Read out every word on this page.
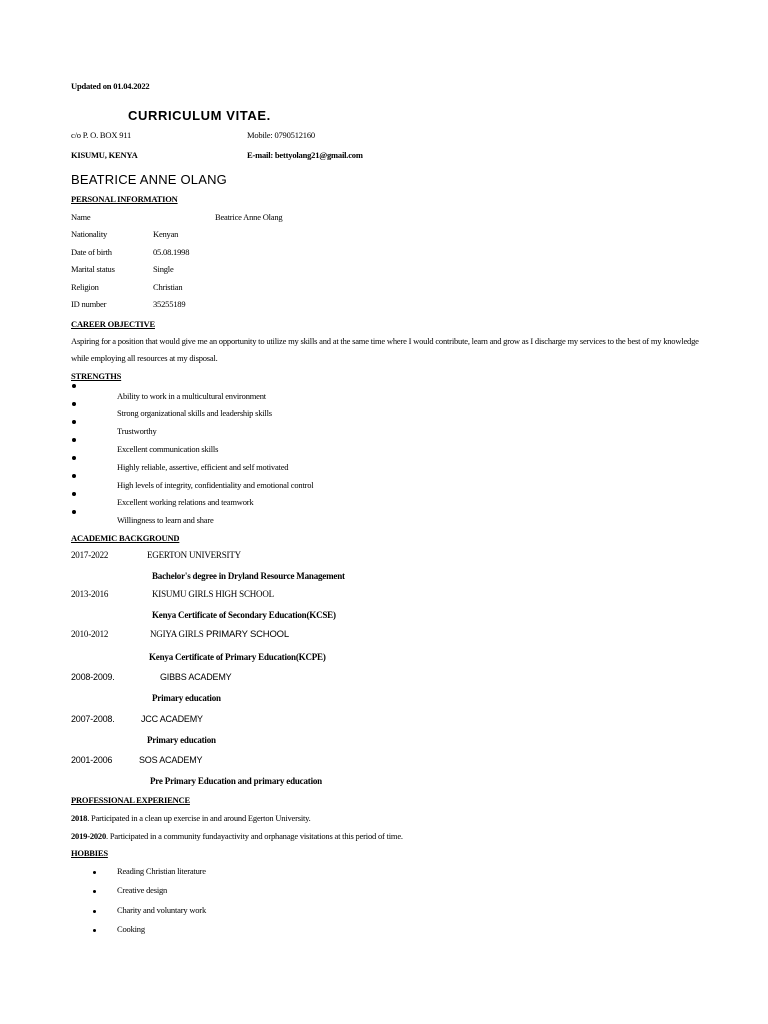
Updated on 01.04.2022
CURRICULUM VITAE.
c/o P. O. BOX 911	Mobile: 0790512160
KISUMU, KENYA	E-mail: bettyolang21@gmail.com
BEATRICE ANNE OLANG
PERSONAL INFORMATION
Name	Beatrice Anne Olang
Nationality	Kenyan
Date of birth	05.08.1998
Marital status	Single
Religion	Christian
ID number	35255189
CAREER OBJECTIVE
Aspiring for a position that would give me an opportunity to utilize my skills and at the same time where I would contribute, learn and grow as I discharge my services to the best of my knowledge while employing all resources at my disposal.
STRENGTHS
Ability to work in a multicultural environment
Strong organizational skills and leadership skills
Trustworthy
Excellent communication skills
Highly reliable, assertive, efficient and self motivated
High levels of integrity, confidentiality and emotional control
Excellent working relations and teamwork
Willingness to learn and share
ACADEMIC BACKGROUND
2017-2022	EGERTON UNIVERSITY
Bachelor's degree in Dryland Resource Management
2013-2016	KISUMU GIRLS HIGH SCHOOL
Kenya Certificate of Secondary Education(KCSE)
2010-2012	NGIYA GIRLS PRIMARY SCHOOL
Kenya Certificate of Primary Education(KCPE)
2008-2009.	GIBBS ACADEMY
Primary education
2007-2008.	JCC ACADEMY
Primary education
2001-2006	SOS ACADEMY
Pre Primary Education and primary education
PROFESSIONAL EXPERIENCE
2018. Participated in a clean up exercise in and around Egerton University.
2019-2020. Participated in a community fundayactivity and orphanage visitations at this period of time.
HOBBIES
Reading Christian literature
Creative design
Charity and voluntary work
Cooking
